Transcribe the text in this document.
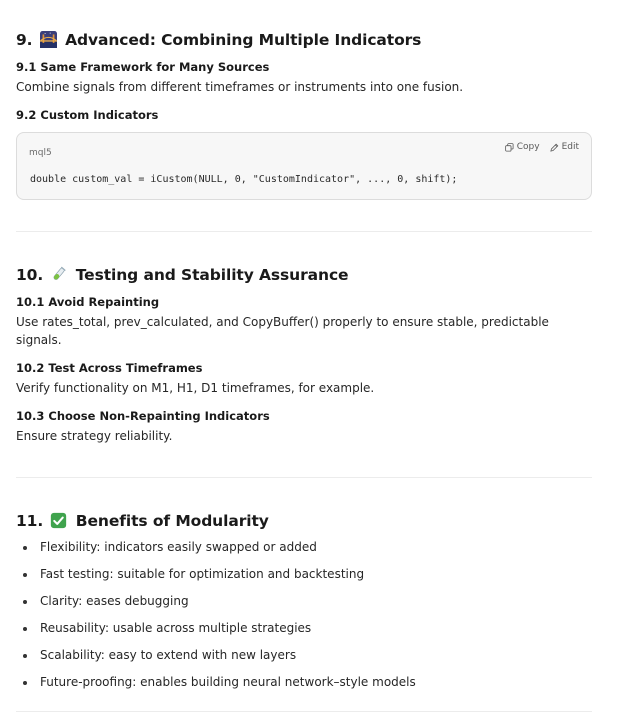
9. Advanced: Combining Multiple Indicators
9.1 Same Framework for Many Sources

Combine signals from different timeframes or instruments into one fusion.

9.2 Custom Indicators
mql5
Copy Edit
double custom_val = iCustom(NULL, 0, "CustomIndicator", ..., 0, shift);
10. Testing and Stability Assurance
10.1 Avoid Repainting

Use rates_total, prev_calculated, and CopyBuffer() properly to ensure stable, predictable signals.

10.2 Test Across Timeframes

Verify functionality on M1, H1, D1 timeframes, for example.

10.3 Choose Non-Repainting Indicators

Ensure strategy reliability.

11. Benefits of Modularity
Flexibility: indicators easily swapped or added
Fast testing: suitable for optimization and backtesting
Clarity: eases debugging
Reusability: usable across multiple strategies
Scalability: easy to extend with new layers
Future-proofing: enables building neural network–style models
